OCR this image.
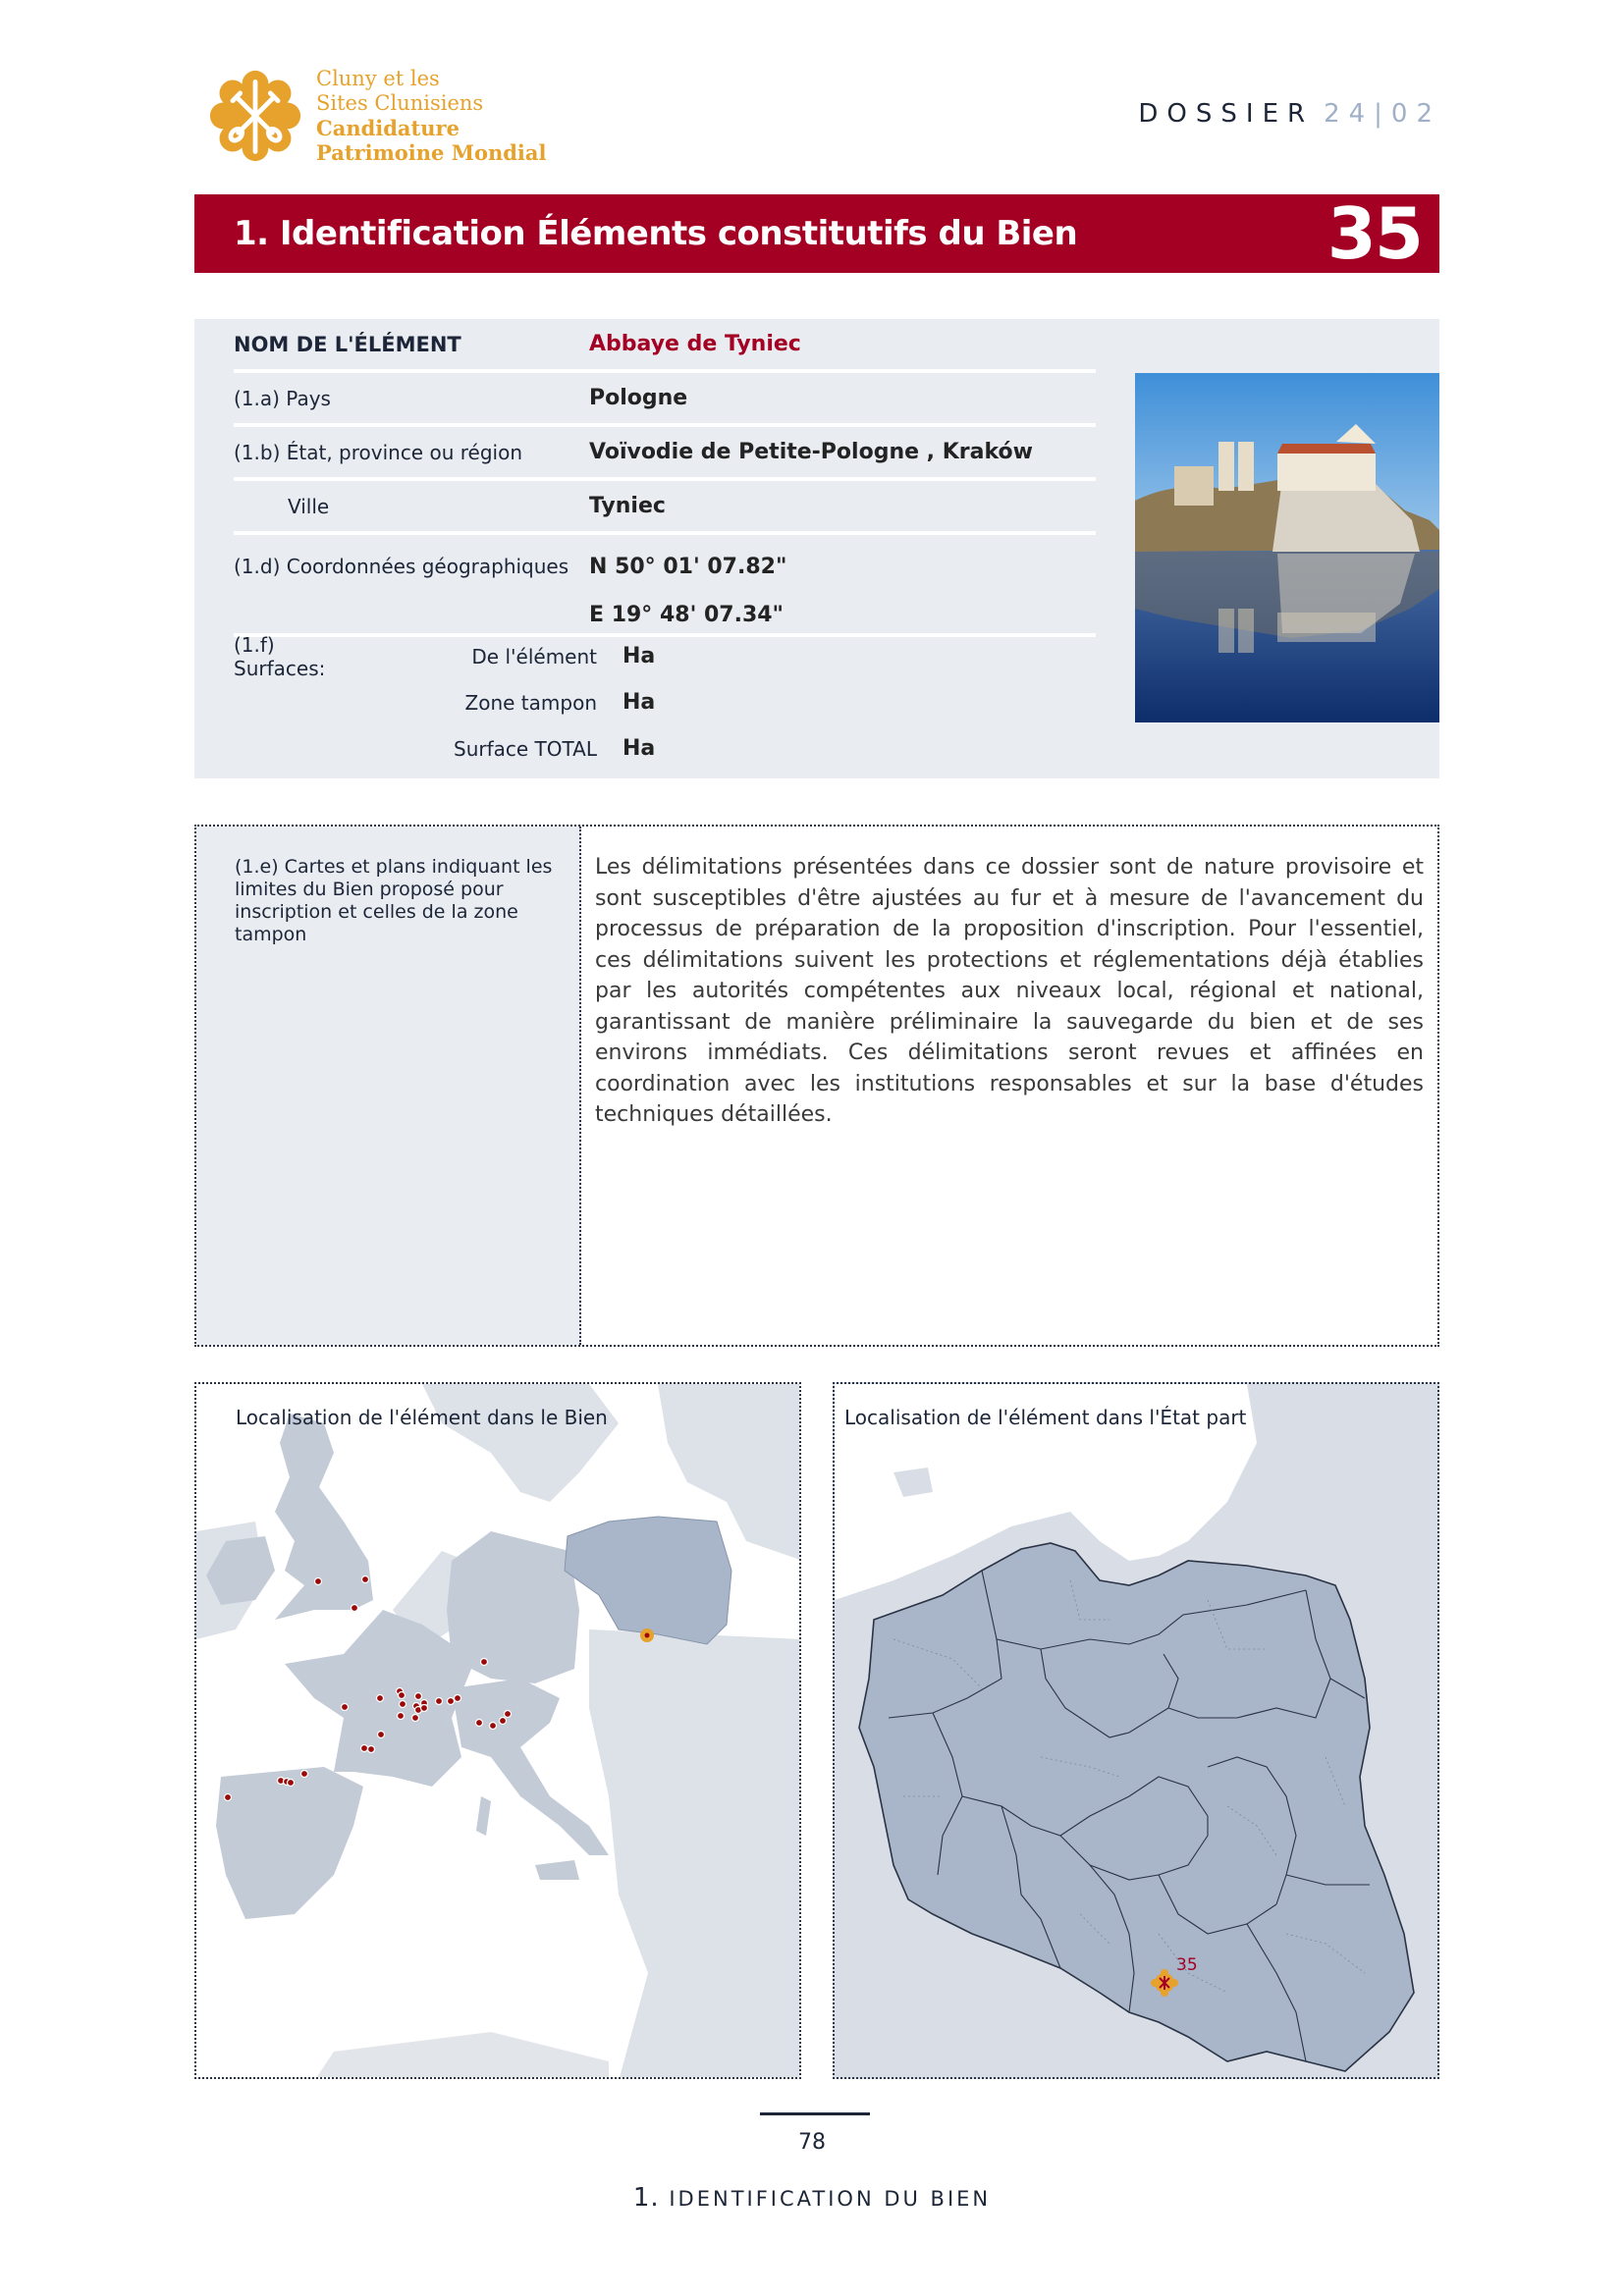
Cluny et les
Sites Clunisiens
Candidature
Patrimoine Mondial
DOSSIER 24|02
1. Identification Éléments constitutifs du Bien	35
NOM DE L'ÉLÉMENT	Abbaye de Tyniec
(1.a) Pays	Pologne
(1.b) État, province ou région	Voïvodie de Petite-Pologne , Kraków
Ville	Tyniec
(1.d) Coordonnées géographiques N 50° 01' 07.82"
E 19° 48' 07.34"
(1.f) Surfaces:	De l'élément Ha
Zone tampon Ha
Surface TOTAL Ha
(1.e) Cartes et plans indiquant les limites du Bien proposé pour inscription et celles de la zone tampon
Les délimitations présentées dans ce dossier sont de nature provisoire et sont susceptibles d'être ajustées au fur et à mesure de l'avancement du processus de préparation de la proposition d'inscription. Pour l'essentiel, ces délimitations suivent les protections et réglementations déjà établies par les autorités compétentes aux niveaux local, régional et national, garantissant de manière préliminaire la sauvegarde du bien et de ses environs immédiats. Ces délimitations seront revues et affinées en coordination avec les institutions responsables et sur la base d'études techniques détaillées.
Localisation de l'élément dans le Bien	Localisation de l'élément dans l'État part
35
78
1. IDENTIFICATION DU BIEN
